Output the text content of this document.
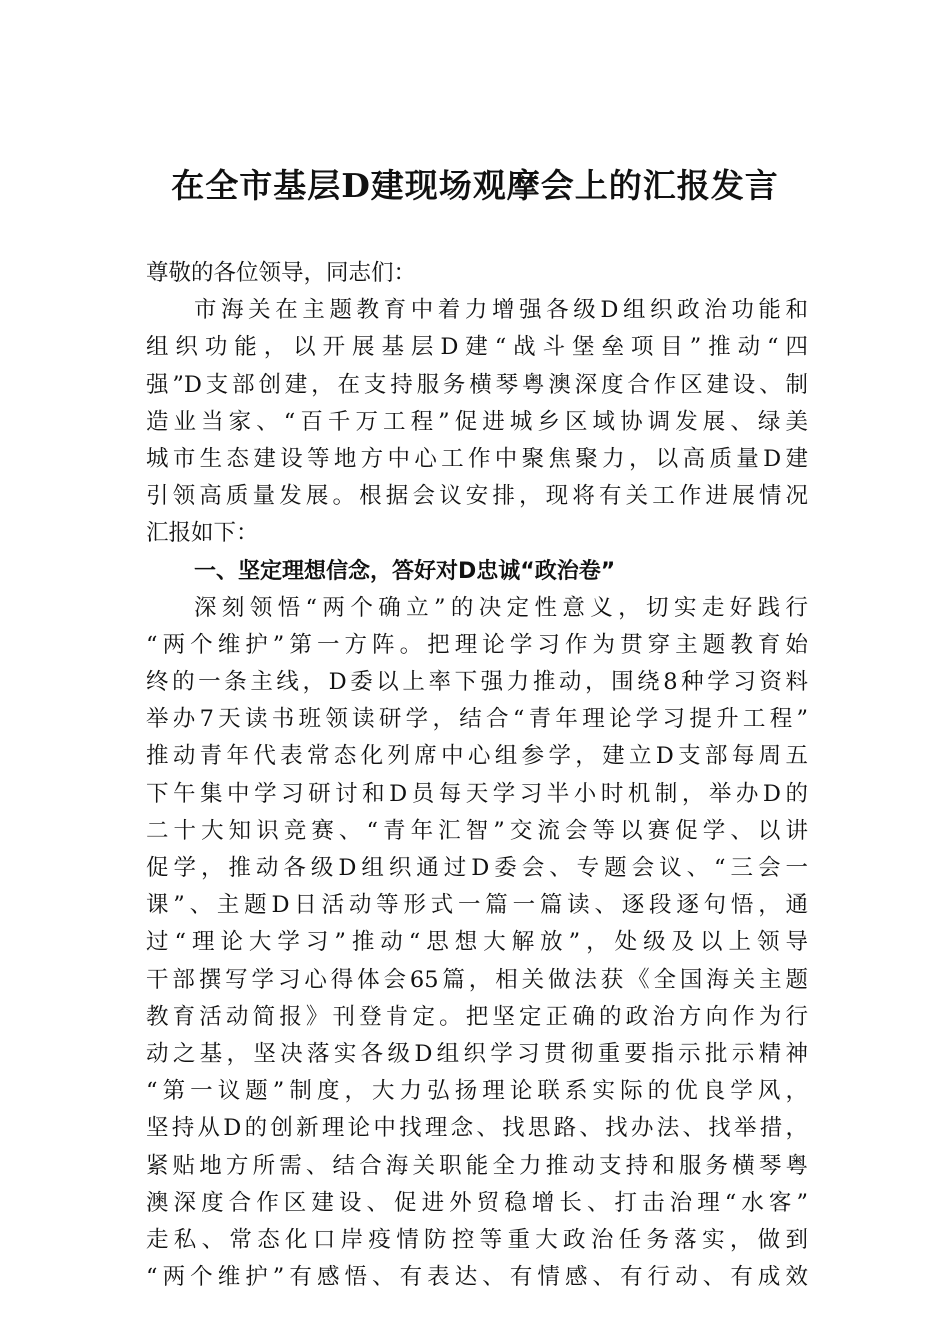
在全市基层D建现场观摩会上的汇报发言
尊敬的各位领导，同志们：
市海关在主题教育中着力增强各级D组织政治功能和
组织功能，以开展基层D建“战斗堡垒项目”推动“四
强”D支部创建，在支持服务横琴粤澳深度合作区建设、制
造业当家、“百千万工程”促进城乡区域协调发展、绿美
城市生态建设等地方中心工作中聚焦聚力，以高质量D建
引领高质量发展。根据会议安排，现将有关工作进展情况
汇报如下：
一、坚定理想信念，答好对D忠诚“政治卷”
深刻领悟“两个确立”的决定性意义，切实走好践行
“两个维护”第一方阵。把理论学习作为贯穿主题教育始
终的一条主线，D委以上率下强力推动，围绕8种学习资料
举办7天读书班领读研学，结合“青年理论学习提升工程”
推动青年代表常态化列席中心组参学，建立D支部每周五
下午集中学习研讨和D员每天学习半小时机制，举办D的
二十大知识竞赛、“青年汇智”交流会等以赛促学、以讲
促学，推动各级D组织通过D委会、专题会议、“三会一
课”、主题D日活动等形式一篇一篇读、逐段逐句悟，通
过“理论大学习”推动“思想大解放”，处级及以上领导
干部撰写学习心得体会65篇，相关做法获《全国海关主题
教育活动简报》刊登肯定。把坚定正确的政治方向作为行
动之基，坚决落实各级D组织学习贯彻重要指示批示精神
“第一议题”制度，大力弘扬理论联系实际的优良学风，
坚持从D的创新理论中找理念、找思路、找办法、找举措，
紧贴地方所需、结合海关职能全力推动支持和服务横琴粤
澳深度合作区建设、促进外贸稳增长、打击治理“水客”
走私、常态化口岸疫情防控等重大政治任务落实，做到
“两个维护”有感悟、有表达、有情感、有行动、有成效
